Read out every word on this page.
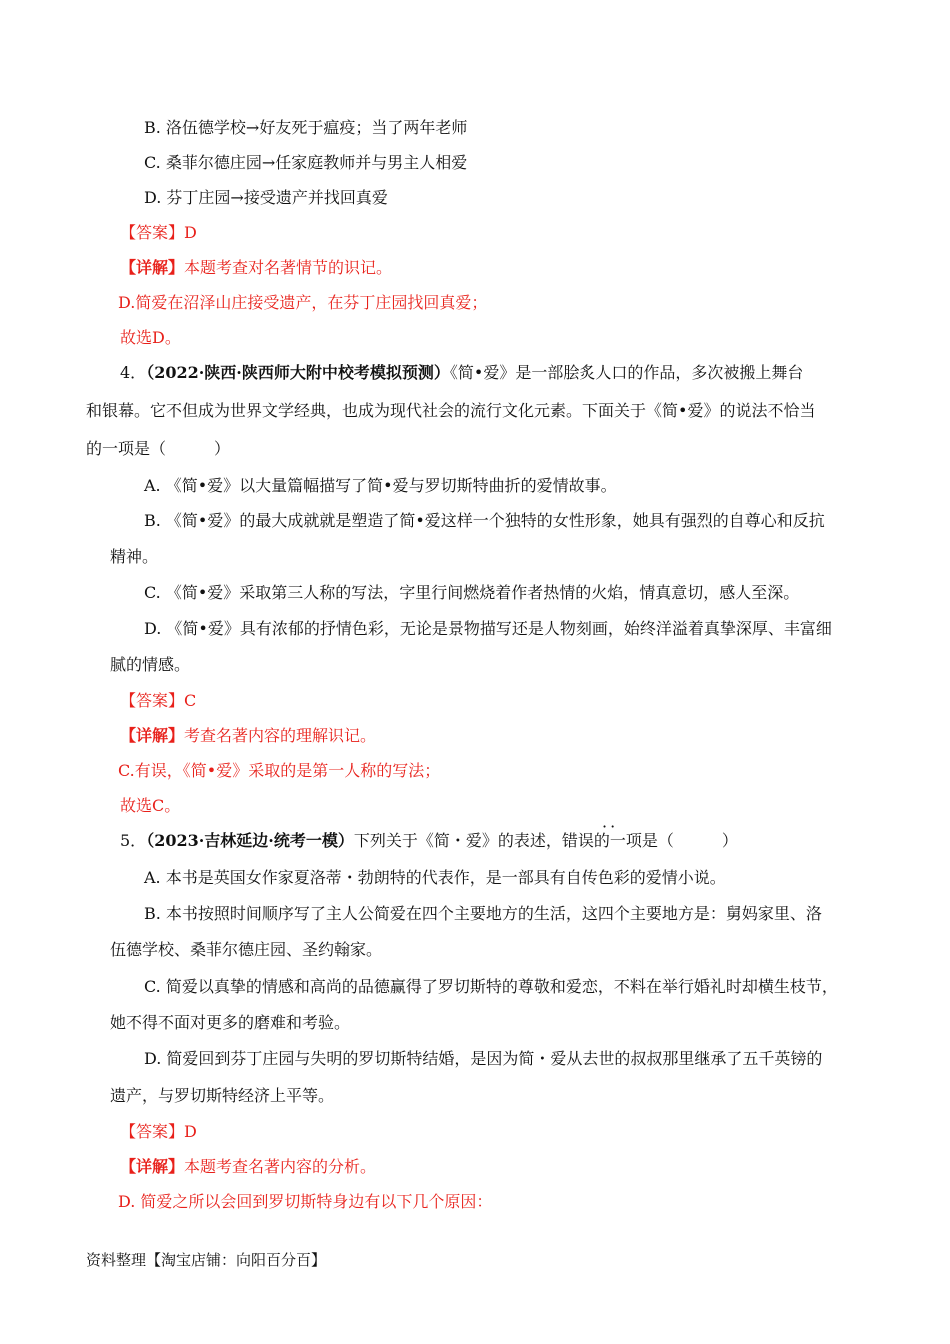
B. 洛伍德学校→好友死于瘟疫；当了两年老师
C. 桑菲尔德庄园→任家庭教师并与男主人相爱
D. 芬丁庄园→接受遗产并找回真爱
【答案】D
【详解】本题考查对名著情节的识记。
D.简爱在沼泽山庄接受遗产，在芬丁庄园找回真爱；
故选D。
4．（2022·陕西·陕西师大附中校考模拟预测）《简•爱》是一部脍炙人口的作品，多次被搬上舞台
和银幕。它不但成为世界文学经典，也成为现代社会的流行文化元素。下面关于《简•爱》的说法不恰当
的一项是（　　　）
A. 《简•爱》以大量篇幅描写了简•爱与罗切斯特曲折的爱情故事。
B. 《简•爱》的最大成就就是塑造了简•爱这样一个独特的女性形象，她具有强烈的自尊心和反抗
精神。
C. 《简•爱》采取第三人称的写法，字里行间燃烧着作者热情的火焰，情真意切，感人至深。
D. 《简•爱》具有浓郁的抒情色彩，无论是景物描写还是人物刻画，始终洋溢着真挚深厚、丰富细
腻的情感。
【答案】C
【详解】考查名著内容的理解识记。
C.有误，《简•爱》采取的是第一人称的写法；
故选C。
··
5．（2023·吉林延边·统考一模）下列关于《简・爱》的表述，错误的一项是（　　　）
A. 本书是英国女作家夏洛蒂・勃朗特的代表作，是一部具有自传色彩的爱情小说。
B. 本书按照时间顺序写了主人公简爱在四个主要地方的生活，这四个主要地方是：舅妈家里、洛
伍德学校、桑菲尔德庄园、圣约翰家。
C. 简爱以真挚的情感和高尚的品德赢得了罗切斯特的尊敬和爱恋，不料在举行婚礼时却横生枝节，
她不得不面对更多的磨难和考验。
D. 简爱回到芬丁庄园与失明的罗切斯特结婚，是因为简・爱从去世的叔叔那里继承了五千英镑的
遗产，与罗切斯特经济上平等。
【答案】D
【详解】本题考查名著内容的分析。
D. 简爱之所以会回到罗切斯特身边有以下几个原因：
资料整理【淘宝店铺：向阳百分百】
